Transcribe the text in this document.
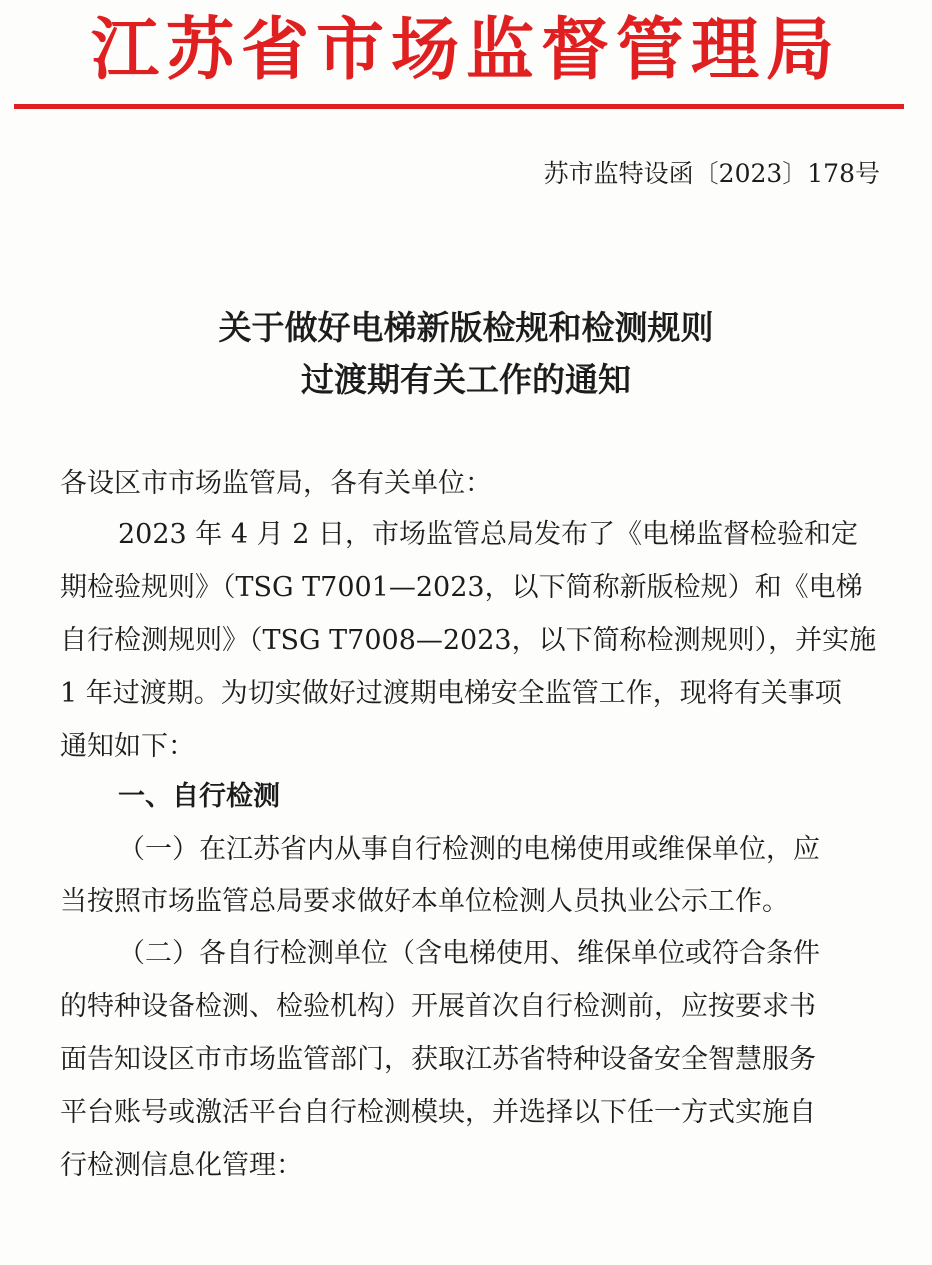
江苏省市场监督管理局
苏市监特设函〔2023〕178号
关于做好电梯新版检规和检测规则
过渡期有关工作的通知
各设区市市场监管局，各有关单位：
2023 年 4 月 2 日，市场监管总局发布了《电梯监督检验和定
期检验规则》（TSG T7001—2023，以下简称新版检规）和《电梯
自行检测规则》（TSG T7008—2023，以下简称检测规则），并实施
1 年过渡期。为切实做好过渡期电梯安全监管工作，现将有关事项
通知如下：
一、自行检测
（一）在江苏省内从事自行检测的电梯使用或维保单位，应
当按照市场监管总局要求做好本单位检测人员执业公示工作。
（二）各自行检测单位（含电梯使用、维保单位或符合条件
的特种设备检测、检验机构）开展首次自行检测前，应按要求书
面告知设区市市场监管部门，获取江苏省特种设备安全智慧服务
平台账号或激活平台自行检测模块，并选择以下任一方式实施自
行检测信息化管理：
